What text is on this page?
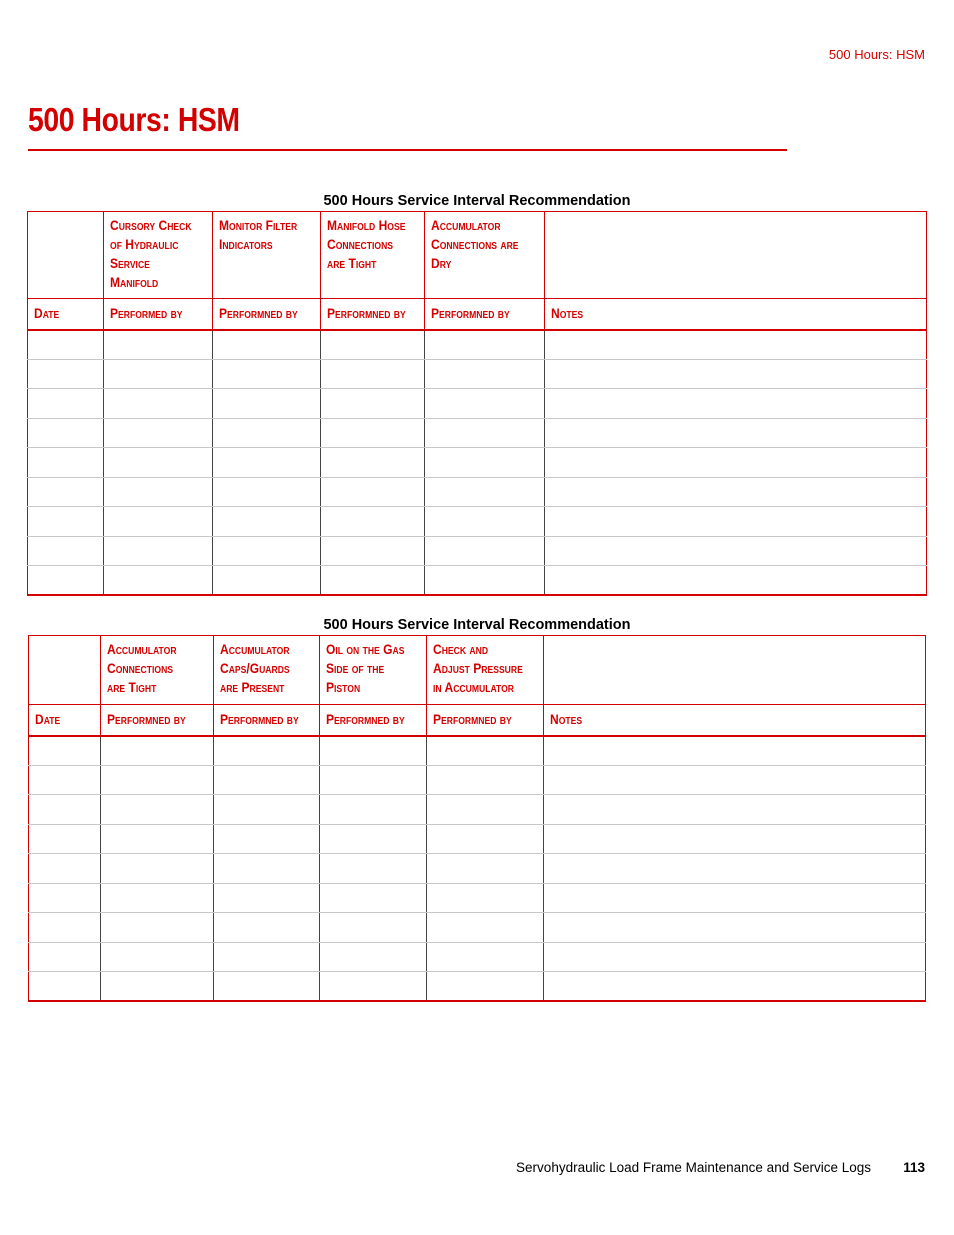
500 Hours: HSM
500 Hours: HSM
500 Hours Service Interval Recommendation

	Cursory Check
of Hydraulic
Service
Manifold	Monitor Filter
Indicators	Manifold Hose
Connections
are Tight	Accumulator
Connections are
Dry	

Date	Performed by	Performned by	Performned by	Performned by	Notes

500 Hours Service Interval Recommendation

	Accumulator
Connections
are Tight	Accumulator
Caps/Guards
are Present	Oil on the Gas
Side of the
Piston	Check and
Adjust Pressure
in Accumulator	

Date	Performned by	Performned by	Performned by	Performned by	Notes

Servohydraulic Load Frame Maintenance and Service Logs 113
